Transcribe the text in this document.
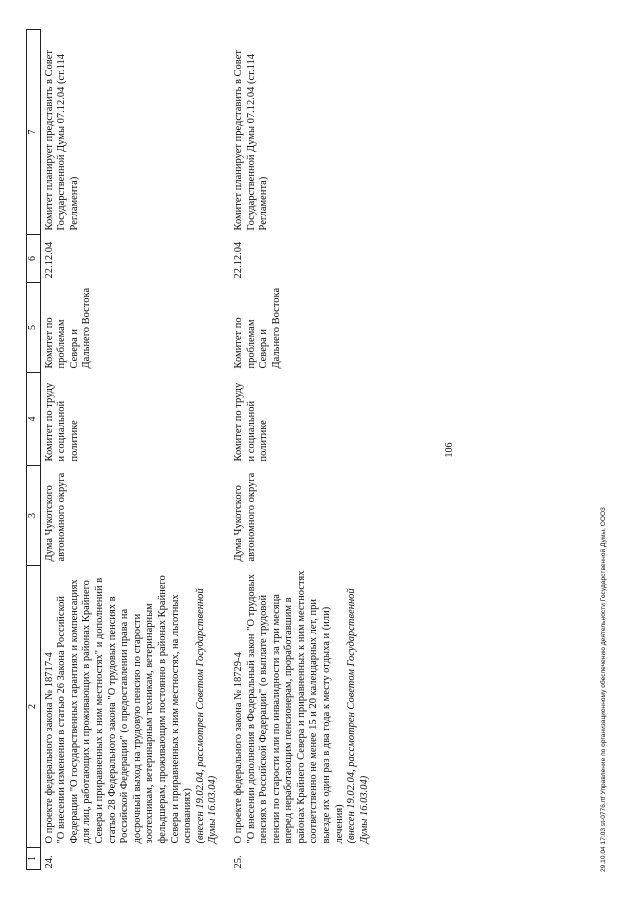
1	2	3	4	5	6	7
24.	О проекте федерального закона № 18717-4 "О внесении изменения в статью 26 Закона Российской Федерации "О государственных гарантиях и компенсациях для лиц, работающих и проживающих в районах Крайнего Севера и приравненных к ним местностях" и дополнений в статью 28 Федерального закона "О трудовых пенсиях в Российской Федерации" (о предоставлении права на досрочный выход на трудовую пенсию по старости зоотехникам, ветеринарным техникам, ветеринарным фельдшерам, проживающим постоянно в районах Крайнего Севера и приравненных к ним местностях, на льготных основаниях) (внесен 19.02.04, рассмотрен Советом Государственной Думы 16.03.04)	Дума Чукотского автономного округа	Комитет по труду и социальной политике	Комитет по проблемам Севера и Дальнего Востока	22.12.04	Комитет планирует представить в Совет Государственной Думы 07.12.04 (ст.114 Регламента)
25.	О проекте федерального закона № 18729-4 "О внесении дополнения в Федеральный закон "О трудовых пенсиях в Российской Федерации" (о выплате трудовой пенсии по старости или по инвалидности за три месяца вперед неработающим пенсионерам, проработавшим в районах Крайнего Севера и приравненных к ним местностях соответственно не менее 15 и 20 календарных лет, при выезде их один раз в два года к месту отдыха и (или) лечения) (внесен 19.02.04, рассмотрен Советом Государственной Думы 16.03.04)	Дума Чукотского автономного округа	Комитет по труду и социальной политике	Комитет по проблемам Севера и Дальнего Востока	22.12.04	Комитет планирует представить в Совет Государственной Думы 07.12.04 (ст.114 Регламента)
106
29.10.04 17:03 st-0776.rtf Управление по организационному обеспечению деятельности Государственной Думы, ООО3
